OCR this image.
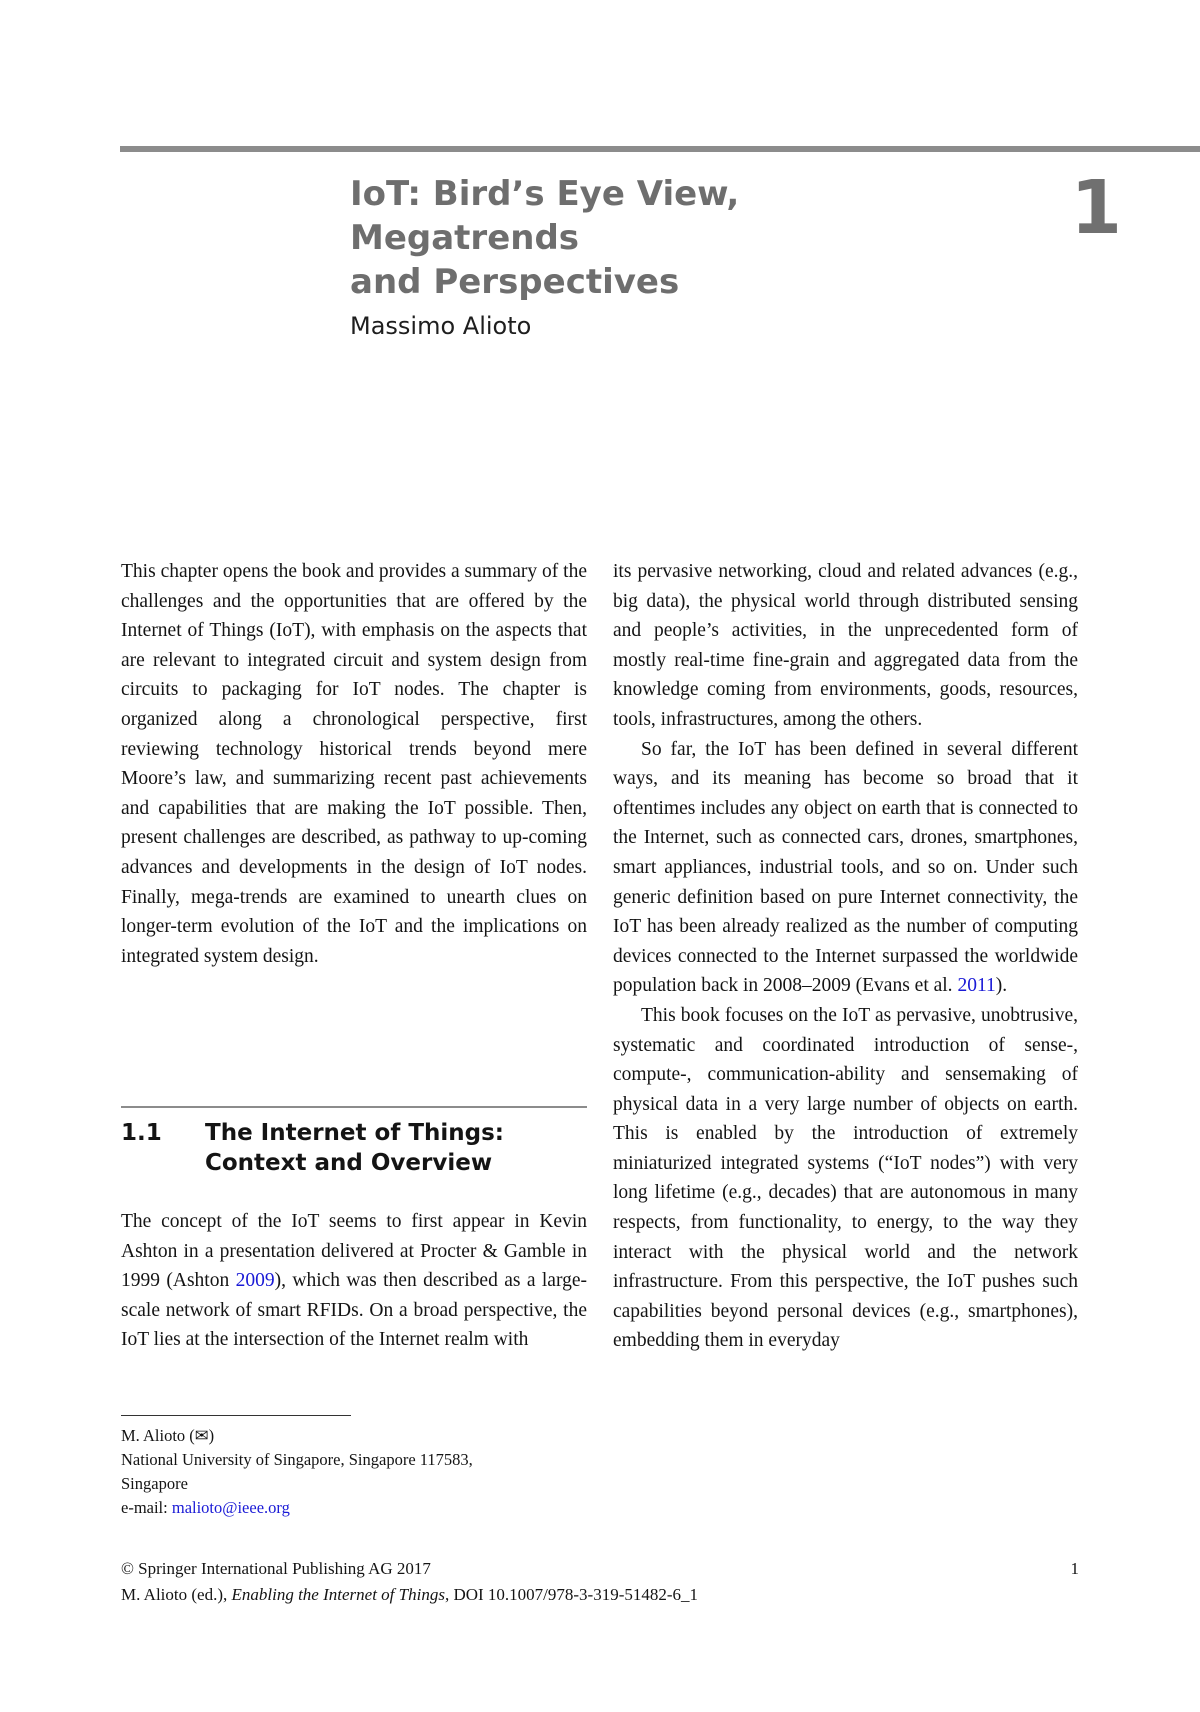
IoT: Bird’s Eye View, Megatrends
and Perspectives
1
Massimo Alioto

This chapter opens the book and provides a summary of the challenges and the opportunities that are offered by the Internet of Things (IoT), with emphasis on the aspects that are relevant to integrated circuit and system design from circuits to packaging for IoT nodes. The chapter is organized along a chronological perspective, first reviewing technology historical trends beyond mere Moore’s law, and summarizing recent past achievements and capabilities that are making the IoT possible. Then, present challenges are described, as pathway to up-coming advances and developments in the design of IoT nodes. Finally, mega-trends are examined to unearth clues on longer-term evolution of the IoT and the implications on integrated system design.

1.1 The Internet of Things: Context and Overview

The concept of the IoT seems to first appear in Kevin Ashton in a presentation delivered at Procter & Gamble in 1999 (Ashton 2009), which was then described as a large-scale network of smart RFIDs. On a broad perspective, the IoT lies at the intersection of the Internet realm with

its pervasive networking, cloud and related advances (e.g., big data), the physical world through distributed sensing and people’s activities, in the unprecedented form of mostly real-time fine-grain and aggregated data from the knowledge coming from environments, goods, resources, tools, infrastructures, among the others.

So far, the IoT has been defined in several different ways, and its meaning has become so broad that it oftentimes includes any object on earth that is connected to the Internet, such as connected cars, drones, smartphones, smart appliances, industrial tools, and so on. Under such generic definition based on pure Internet connectivity, the IoT has been already realized as the number of computing devices connected to the Internet surpassed the worldwide population back in 2008–2009 (Evans et al. 2011).

This book focuses on the IoT as pervasive, unobtrusive, systematic and coordinated introduction of sense-, compute-, communication-ability and sensemaking of physical data in a very large number of objects on earth. This is enabled by the introduction of extremely miniaturized integrated systems (“IoT nodes”) with very long lifetime (e.g., decades) that are autonomous in many respects, from functionality, to energy, to the way they interact with the physical world and the network infrastructure. From this perspective, the IoT pushes such capabilities beyond personal devices (e.g., smartphones), embedding them in everyday

M. Alioto (✉)
National University of Singapore, Singapore 117583,
Singapore
e-mail: malioto@ieee.org
© Springer International Publishing AG 2017	1
M. Alioto (ed.), Enabling the Internet of Things, DOI 10.1007/978-3-319-51482-6_1
